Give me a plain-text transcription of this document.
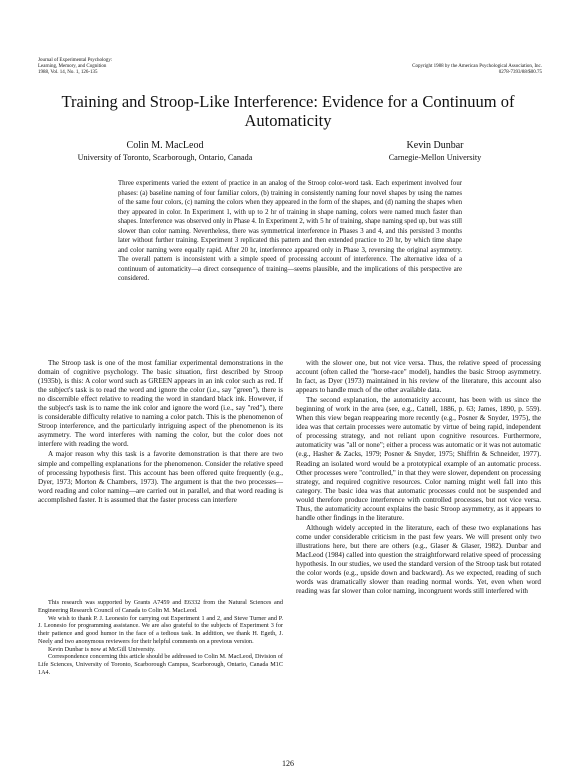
Journal of Experimental Psychology:
Learning, Memory, and Cognition
1988, Vol. 14, No. 1, 126-135
Copyright 1988 by the American Psychological Association, Inc.
0278-7393/88/$00.75
Training and Stroop-Like Interference: Evidence for a Continuum of Automaticity
Colin M. MacLeod
University of Toronto, Scarborough, Ontario, Canada
Kevin Dunbar
Carnegie-Mellon University
Three experiments varied the extent of practice in an analog of the Stroop color-word task. Each experiment involved four phases: (a) baseline naming of four familiar colors, (b) training in consistently naming four novel shapes by using the names of the same four colors, (c) naming the colors when they appeared in the form of the shapes, and (d) naming the shapes when they appeared in color. In Experiment 1, with up to 2 hr of training in shape naming, colors were named much faster than shapes. Interference was observed only in Phase 4. In Experiment 2, with 5 hr of training, shape naming sped up, but was still slower than color naming. Nevertheless, there was symmetrical interference in Phases 3 and 4, and this persisted 3 months later without further training. Experiment 3 replicated this pattern and then extended practice to 20 hr, by which time shape and color naming were equally rapid. After 20 hr, interference appeared only in Phase 3, reversing the original asymmetry. The overall pattern is inconsistent with a simple speed of processing account of interference. The alternative idea of a continuum of automaticity—a direct consequence of training—seems plausible, and the implications of this perspective are considered.

The Stroop task is one of the most familiar experimental demonstrations in the domain of cognitive psychology. The basic situation, first described by Stroop (1935b), is this: A color word such as GREEN appears in an ink color such as red. If the subject's task is to read the word and ignore the color (i.e., say "green"), there is no discernible effect relative to reading the word in standard black ink. However, if the subject's task is to name the ink color and ignore the word (i.e., say "red"), there is considerable difficulty relative to naming a color patch. This is the phenomenon of Stroop interference, and the particularly intriguing aspect of the phenomenon is its asymmetry. The word interferes with naming the color, but the color does not interfere with reading the word.

A major reason why this task is a favorite demonstration is that there are two simple and compelling explanations for the phenomenon. Consider the relative speed of processing hypothesis first. This account has been offered quite frequently (e.g., Dyer, 1973; Morton & Chambers, 1973). The argument is that the two processes—word reading and color naming—are carried out in parallel, and that word reading is accomplished faster. It is assumed that the faster process can interfere

This research was supported by Grants A7459 and E6332 from the Natural Sciences and Engineering Research Council of Canada to Colin M. MacLeod.

We wish to thank P. J. Leonesio for carrying out Experiment 1 and 2, and Steve Turner and P. J. Leonesio for programming assistance. We are also grateful to the subjects of Experiment 3 for their patience and good humor in the face of a tedious task. In addition, we thank H. Egeth, J. Neely and two anonymous reviewers for their helpful comments on a previous version.

Kevin Dunbar is now at McGill University.

Correspondence concerning this article should be addressed to Colin M. MacLeod, Division of Life Sciences, University of Toronto, Scarborough Campus, Scarborough, Ontario, Canada M1C 1A4.

with the slower one, but not vice versa. Thus, the relative speed of processing account (often called the "horse-race" model), handles the basic Stroop asymmetry. In fact, as Dyer (1973) maintained in his review of the literature, this account also appears to handle much of the other available data.

The second explanation, the automaticity account, has been with us since the beginning of work in the area (see, e.g., Cattell, 1886, p. 63; James, 1890, p. 559). When this view began reappearing more recently (e.g., Posner & Snyder, 1975), the idea was that certain processes were automatic by virtue of being rapid, independent of processing strategy, and not reliant upon cognitive resources. Furthermore, automaticity was "all or none"; either a process was automatic or it was not automatic (e.g., Hasher & Zacks, 1979; Posner & Snyder, 1975; Shiffrin & Schneider, 1977). Reading an isolated word would be a prototypical example of an automatic process. Other processes were "controlled," in that they were slower, dependent on processing strategy, and required cognitive resources. Color naming might well fall into this category. The basic idea was that automatic processes could not be suspended and would therefore produce interference with controlled processes, but not vice versa. Thus, the automaticity account explains the basic Stroop asymmetry, as it appears to handle other findings in the literature.

Although widely accepted in the literature, each of these two explanations has come under considerable criticism in the past few years. We will present only two illustrations here, but there are others (e.g., Glaser & Glaser, 1982). Dunbar and MacLeod (1984) called into question the straightforward relative speed of processing hypothesis. In our studies, we used the standard version of the Stroop task but rotated the color words (e.g., upside down and backward). As we expected, reading of such words was dramatically slower than reading normal words. Yet, even when word reading was far slower than color naming, incongruent words still interfered with

126
